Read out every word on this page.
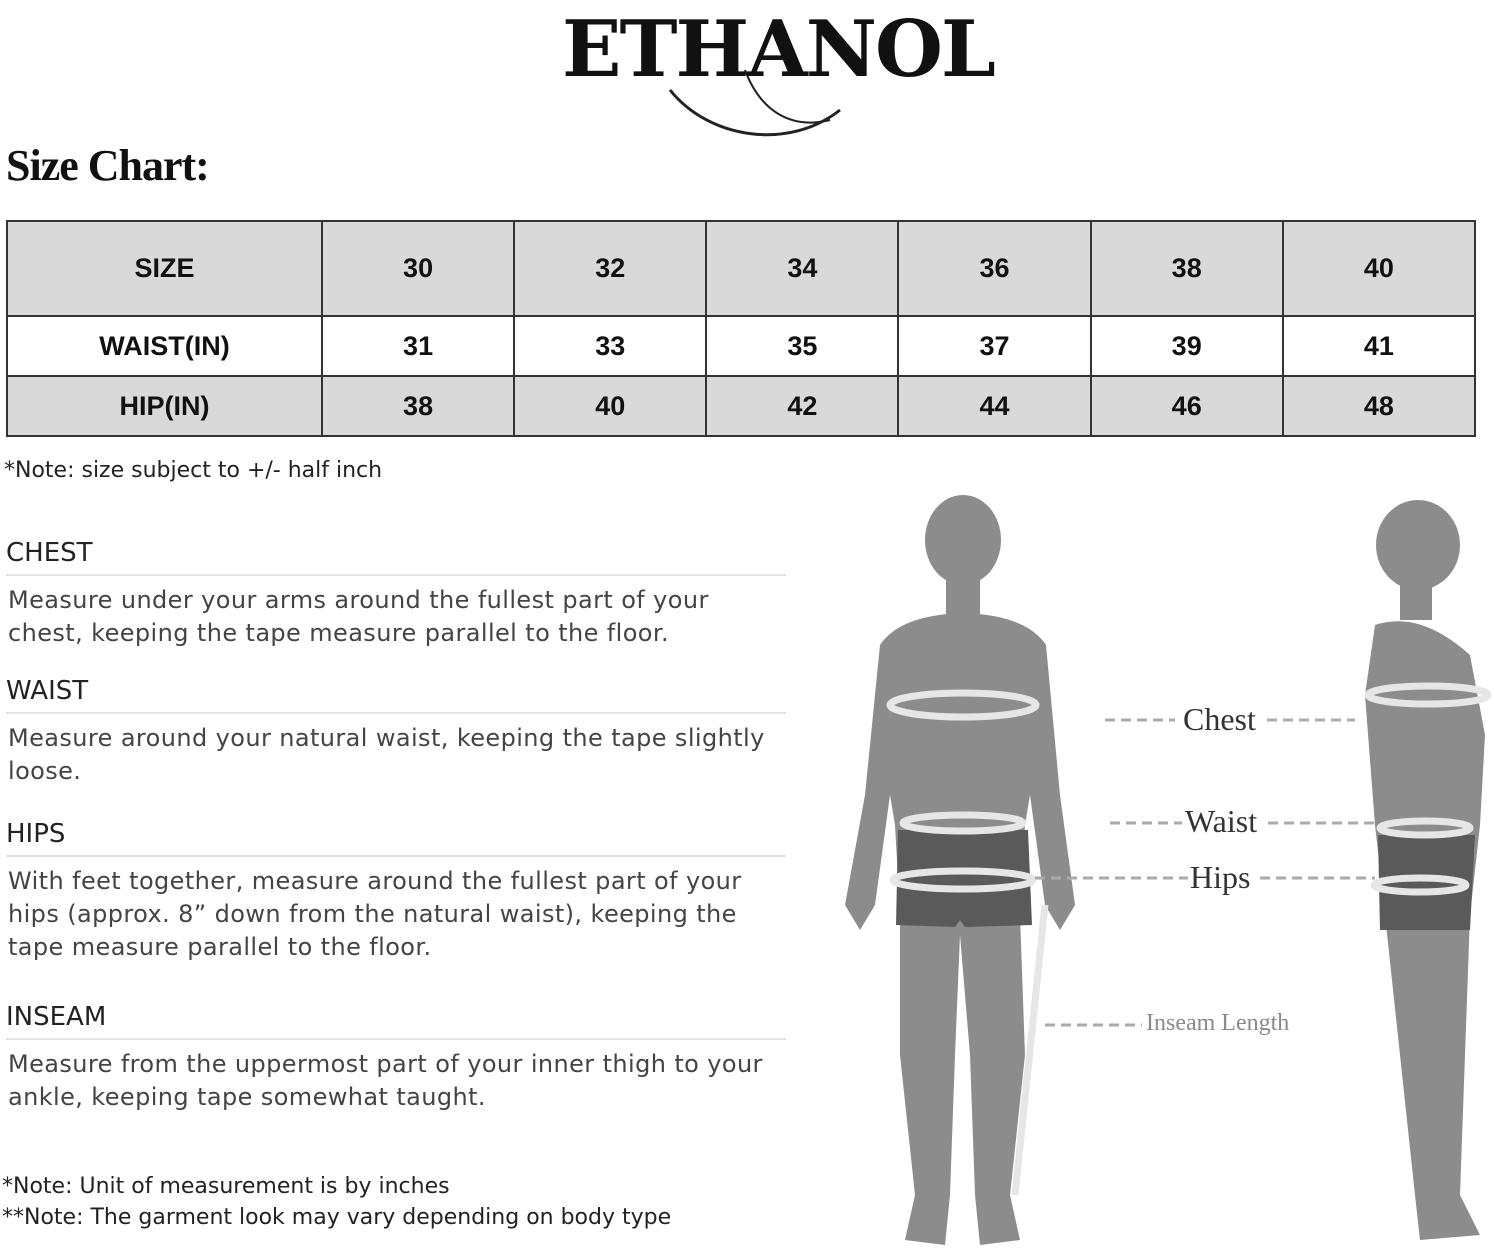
ETHANOL
Size Chart:
SIZE	30	32	34	36	38	40
WAIST(IN)	31	33	35	37	39	41
HIP(IN)	38	40	42	44	46	48
*Note: size subject to +/- half inch
CHEST
Measure under your arms around the fullest part of your chest, keeping the tape measure parallel to the floor.
WAIST
Measure around your natural waist, keeping the tape slightly loose.
HIPS
With feet together, measure around the fullest part of your hips (approx. 8” down from the natural waist), keeping the tape measure parallel to the floor.
INSEAM
Measure from the uppermost part of your inner thigh to your ankle, keeping tape somewhat taught.
*Note: Unit of measurement is by inches
**Note: The garment look may vary depending on body type
Chest
Waist
Hips
Inseam Length
